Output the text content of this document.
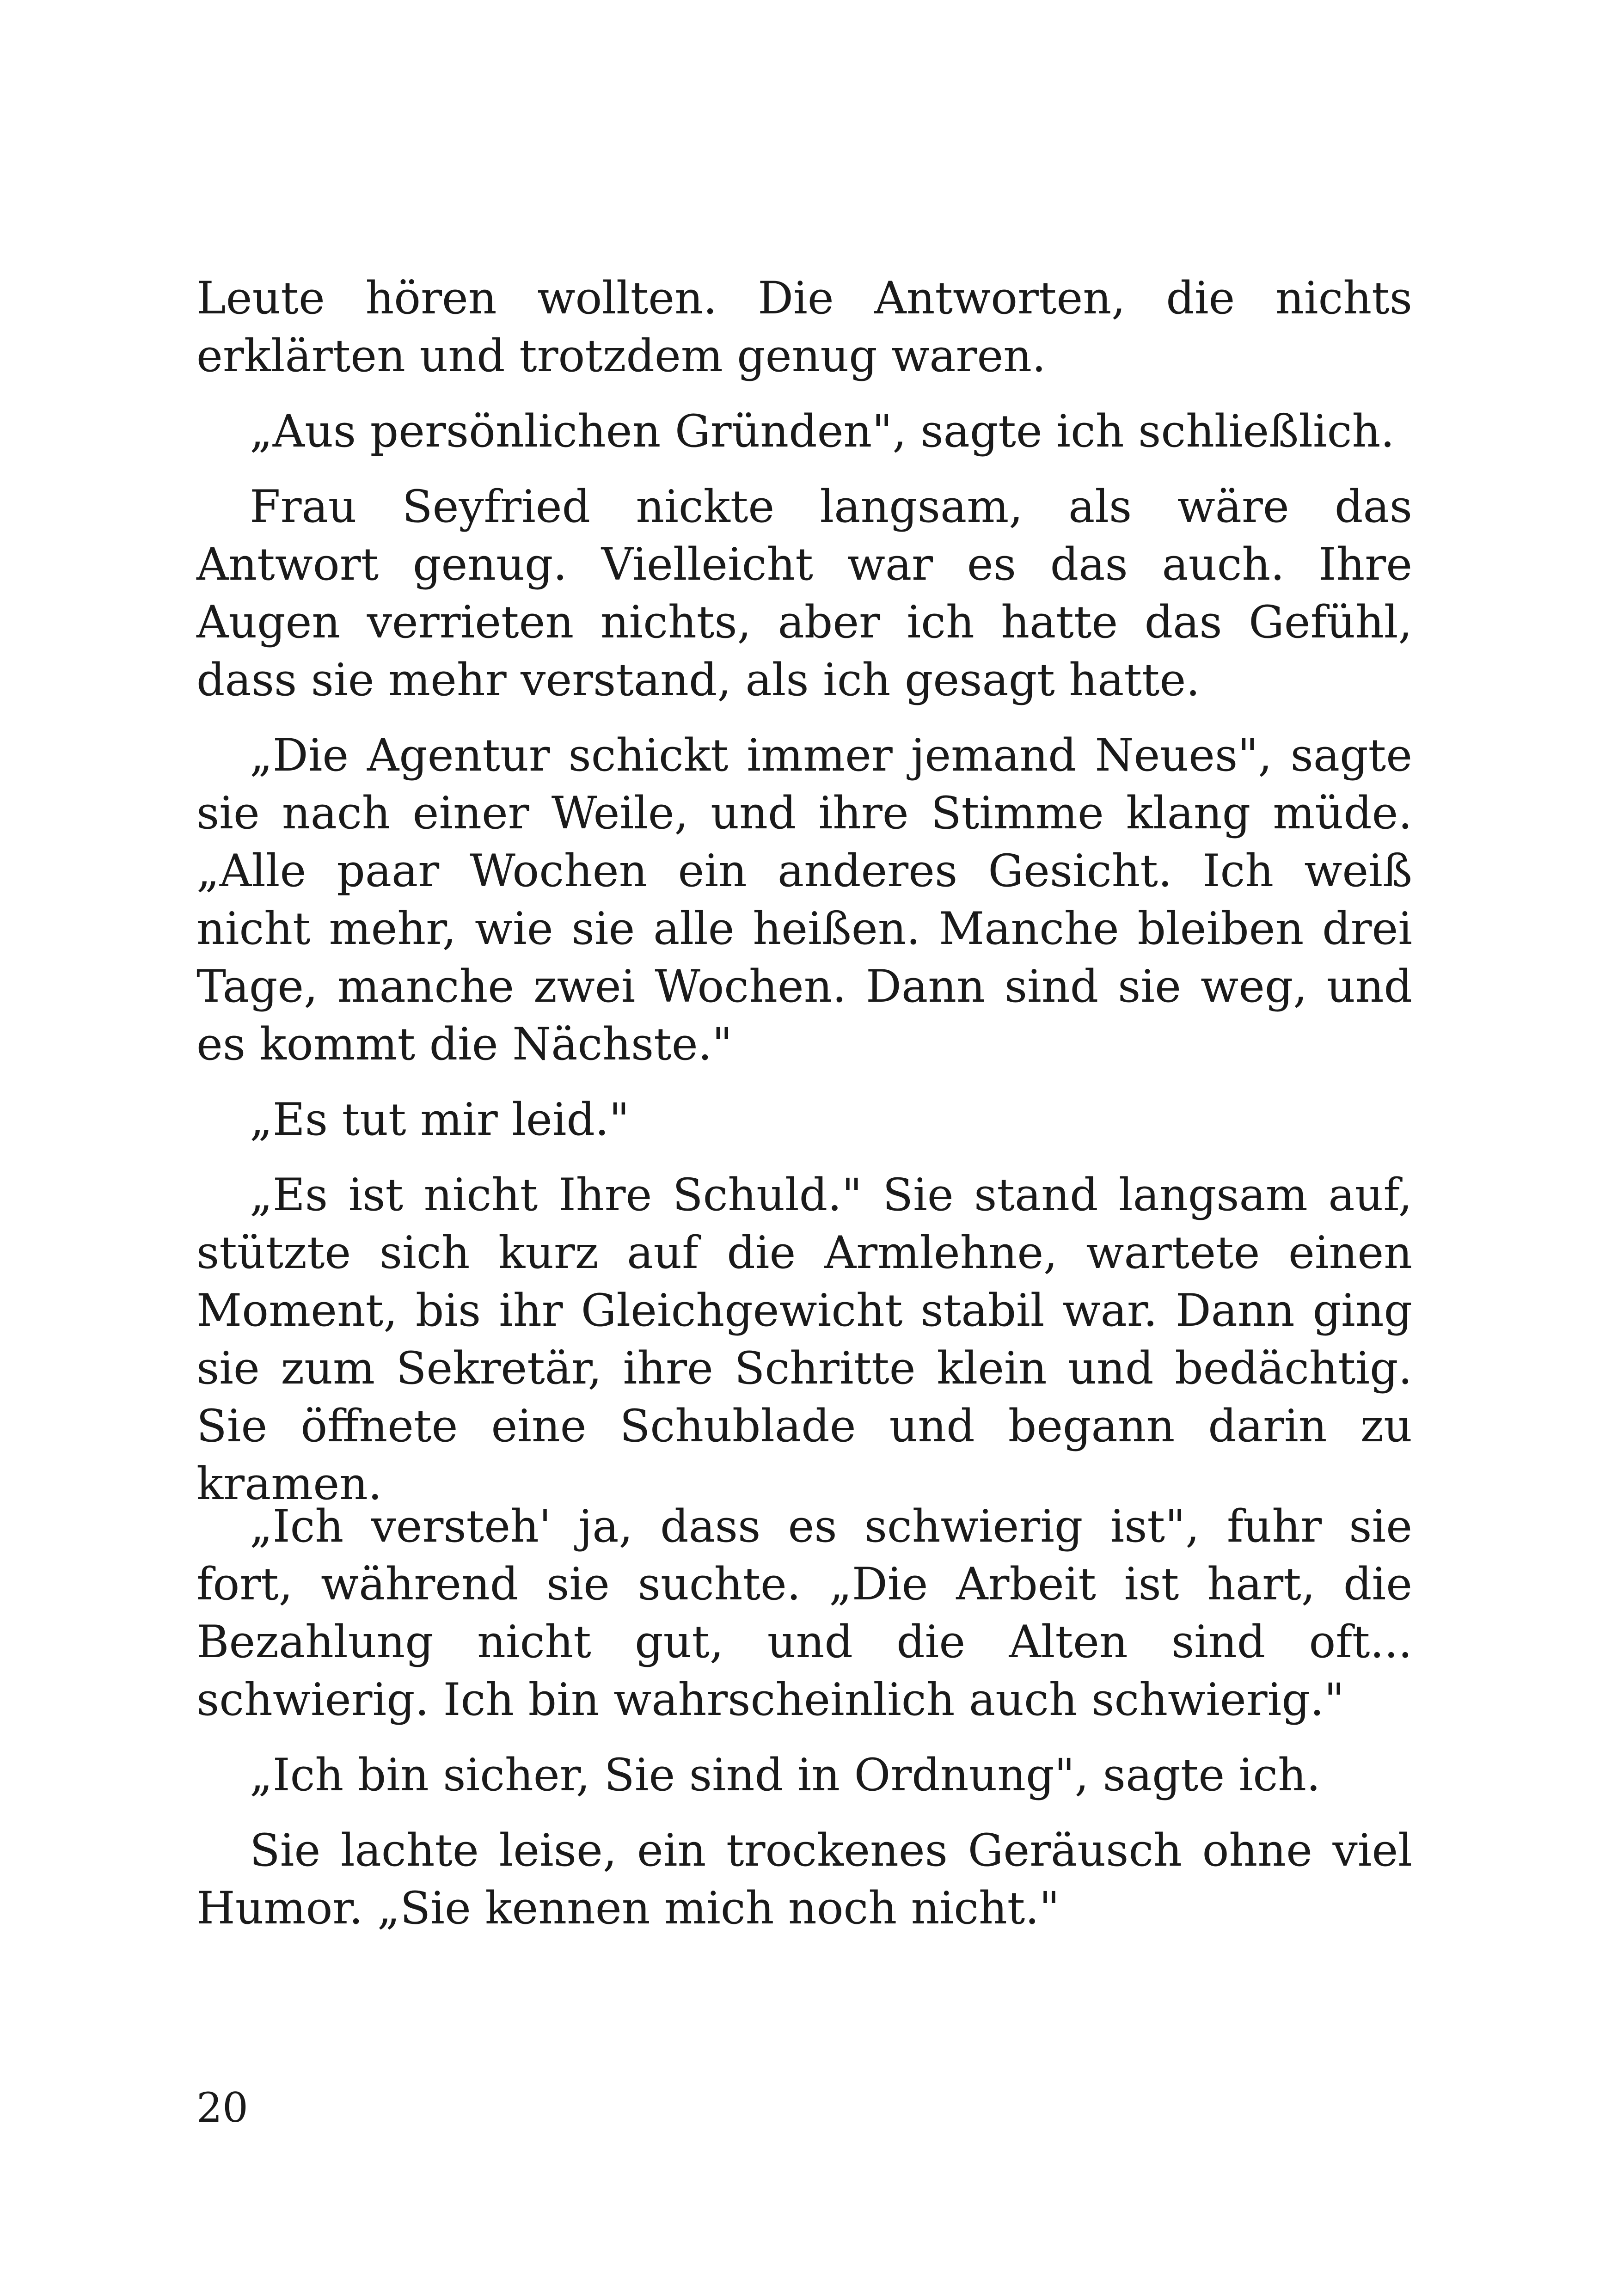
Leute hören wollten. Die Antworten, die nichts erklärten und trotzdem genug waren.

„Aus persönlichen Gründen", sagte ich schließlich.

Frau Seyfried nickte langsam, als wäre das Antwort genug. Vielleicht war es das auch. Ihre Augen verrieten nichts, aber ich hatte das Gefühl, dass sie mehr verstand, als ich gesagt hatte.

„Die Agentur schickt immer jemand Neues", sagte sie nach einer Weile, und ihre Stimme klang müde. „Alle paar Wochen ein anderes Gesicht. Ich weiß nicht mehr, wie sie alle heißen. Manche bleiben drei Tage, manche zwei Wochen. Dann sind sie weg, und es kommt die Nächste."

„Es tut mir leid."

„Es ist nicht Ihre Schuld." Sie stand langsam auf, stützte sich kurz auf die Armlehne, wartete einen Moment, bis ihr Gleichgewicht stabil war. Dann ging sie zum Sekretär, ihre Schritte klein und bedächtig. Sie öffnete eine Schublade und begann darin zu kramen.

„Ich versteh' ja, dass es schwierig ist", fuhr sie fort, während sie suchte. „Die Arbeit ist hart, die Bezahlung nicht gut, und die Alten sind oft... schwierig. Ich bin wahrscheinlich auch schwierig."

„Ich bin sicher, Sie sind in Ordnung", sagte ich.

Sie lachte leise, ein trockenes Geräusch ohne viel Humor. „Sie kennen mich noch nicht."

20
